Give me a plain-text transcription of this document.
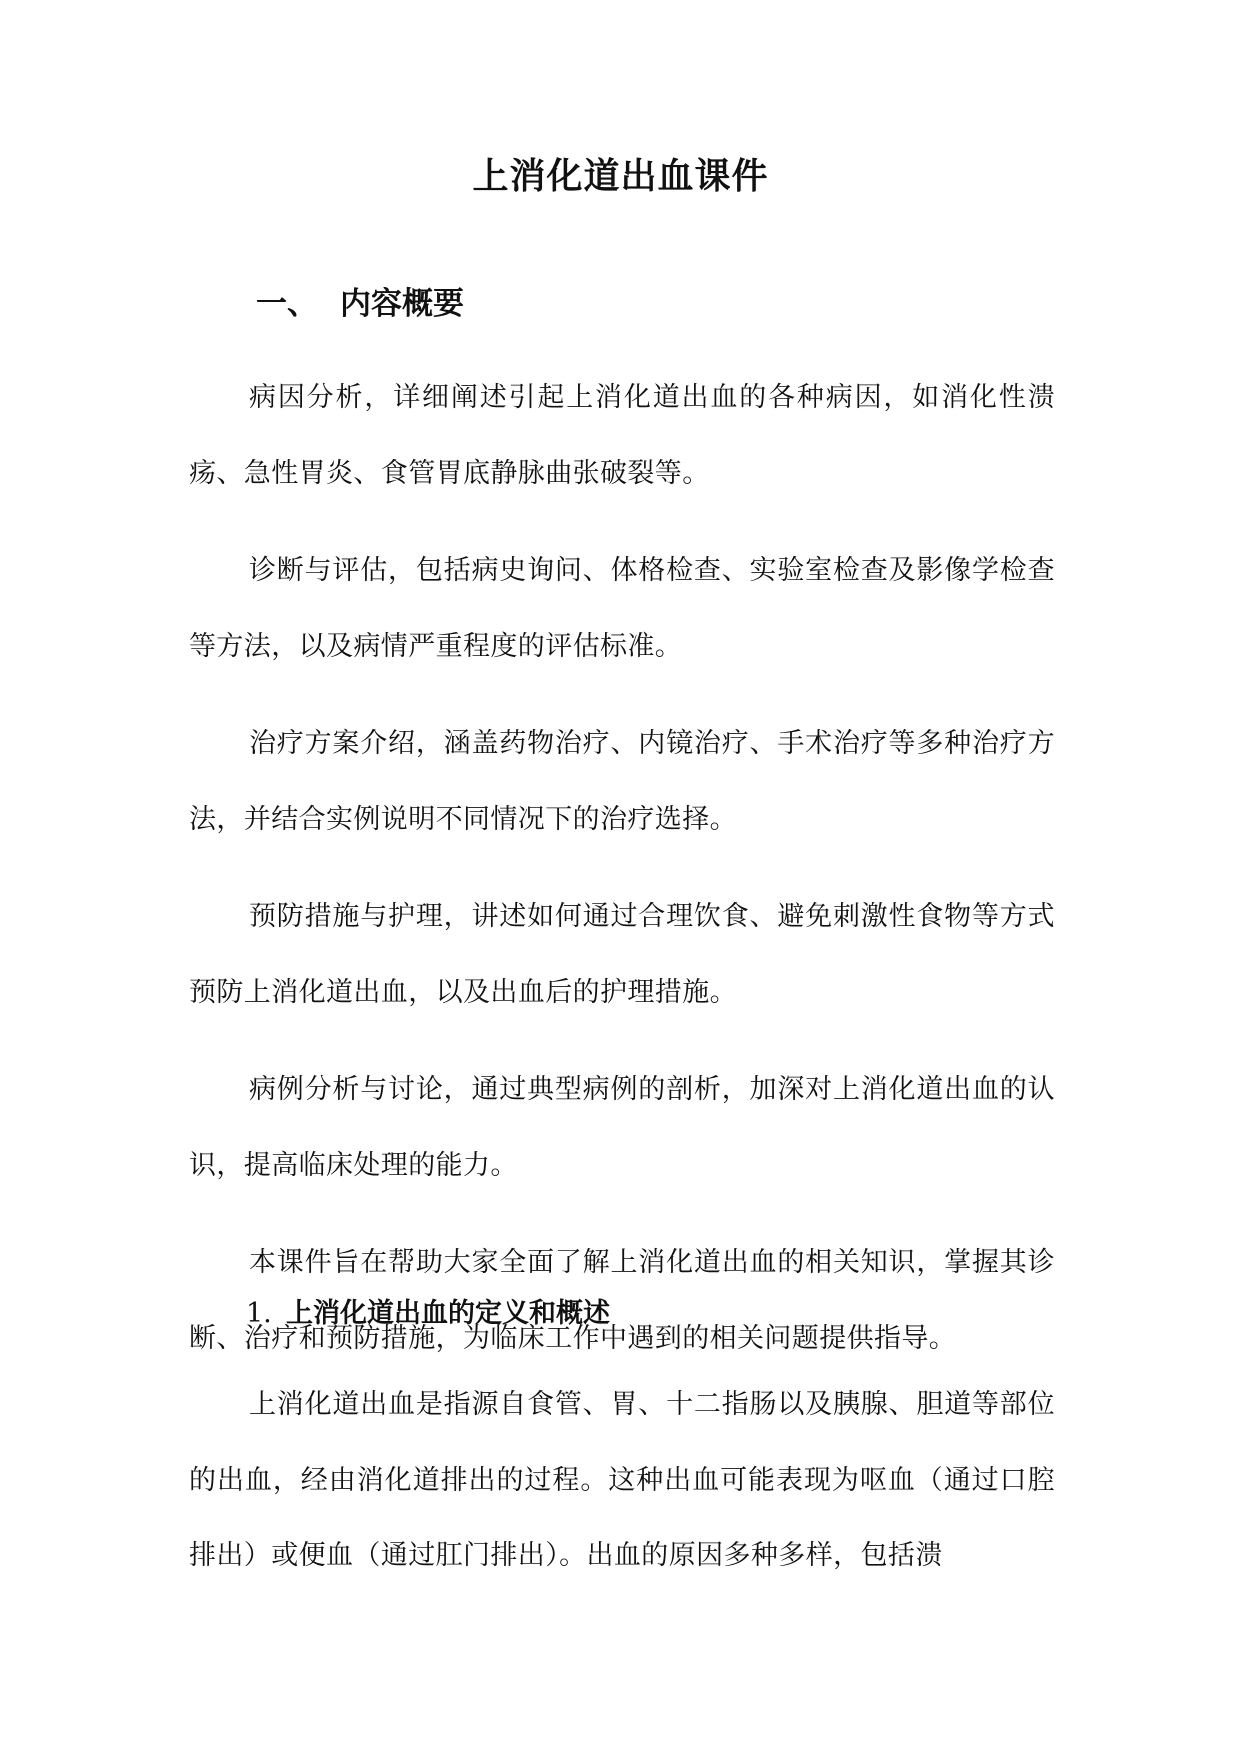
上消化道出血课件
一、 内容概要

病因分析，详细阐述引起上消化道出血的各种病因，如消化性溃疡、急性胃炎、食管胃底静脉曲张破裂等。

诊断与评估，包括病史询问、体格检查、实验室检查及影像学检查等方法，以及病情严重程度的评估标准。

治疗方案介绍，涵盖药物治疗、内镜治疗、手术治疗等多种治疗方法，并结合实例说明不同情况下的治疗选择。

预防措施与护理，讲述如何通过合理饮食、避免刺激性食物等方式预防上消化道出血，以及出血后的护理措施。

病例分析与讨论，通过典型病例的剖析，加深对上消化道出血的认识，提高临床处理的能力。

本课件旨在帮助大家全面了解上消化道出血的相关知识，掌握其诊断、治疗和预防措施，为临床工作中遇到的相关问题提供指导。

1. 上消化道出血的定义和概述

上消化道出血是指源自食管、胃、十二指肠以及胰腺、胆道等部位的出血，经由消化道排出的过程。这种出血可能表现为呕血（通过口腔排出）或便血（通过肛门排出）。出血的原因多种多样，包括溃
